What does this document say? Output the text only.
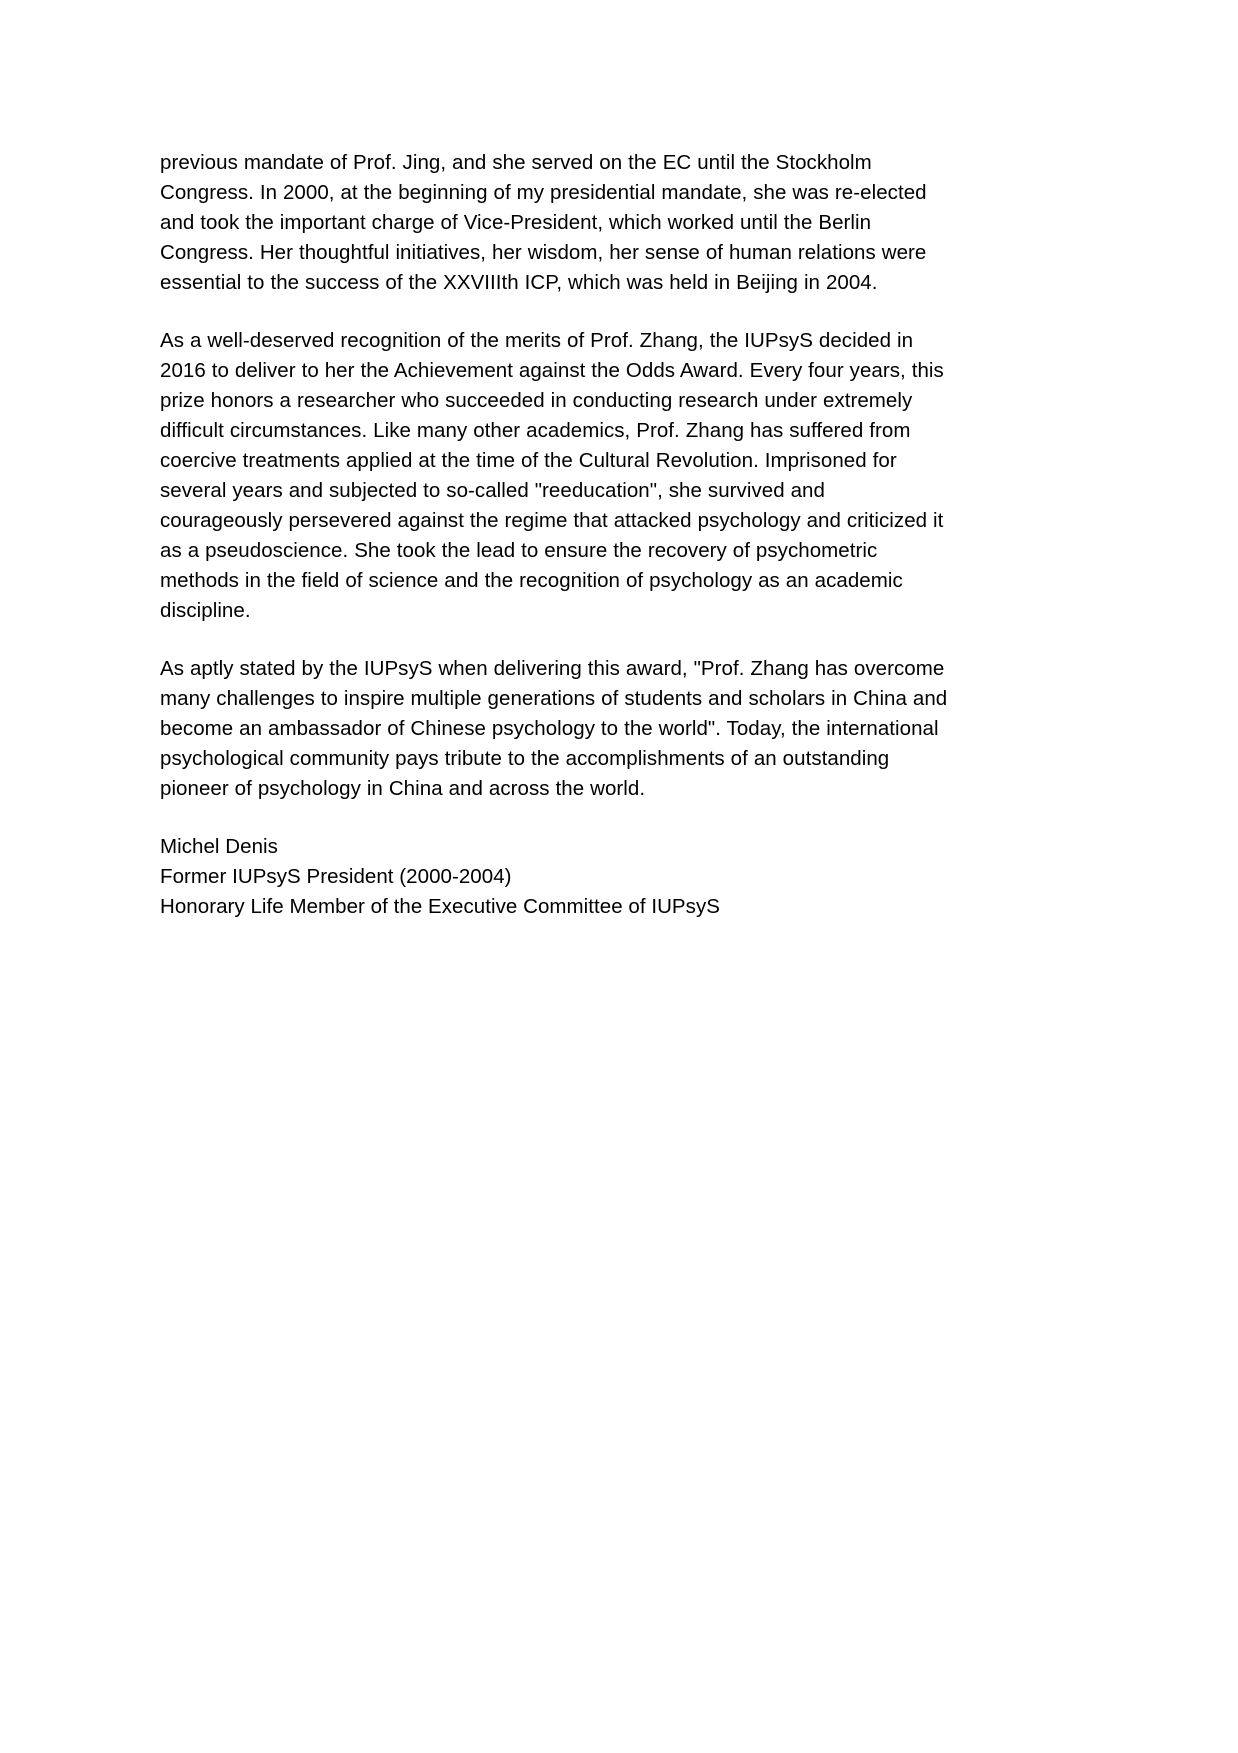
previous mandate of Prof. Jing, and she served on the EC until the Stockholm Congress. In 2000, at the beginning of my presidential mandate, she was re-elected and took the important charge of Vice-President, which worked until the Berlin Congress. Her thoughtful initiatives, her wisdom, her sense of human relations were essential to the success of the XXVIIIth ICP, which was held in Beijing in 2004.

As a well-deserved recognition of the merits of Prof. Zhang, the IUPsyS decided in 2016 to deliver to her the Achievement against the Odds Award. Every four years, this prize honors a researcher who succeeded in conducting research under extremely difficult circumstances. Like many other academics, Prof. Zhang has suffered from coercive treatments applied at the time of the Cultural Revolution. Imprisoned for several years and subjected to so-called "reeducation", she survived and courageously persevered against the regime that attacked psychology and criticized it as a pseudoscience. She took the lead to ensure the recovery of psychometric methods in the field of science and the recognition of psychology as an academic discipline.

As aptly stated by the IUPsyS when delivering this award, "Prof. Zhang has overcome many challenges to inspire multiple generations of students and scholars in China and become an ambassador of Chinese psychology to the world". Today, the international psychological community pays tribute to the accomplishments of an outstanding pioneer of psychology in China and across the world.

Michel Denis

Former IUPsyS President (2000-2004)

Honorary Life Member of the Executive Committee of IUPsyS
